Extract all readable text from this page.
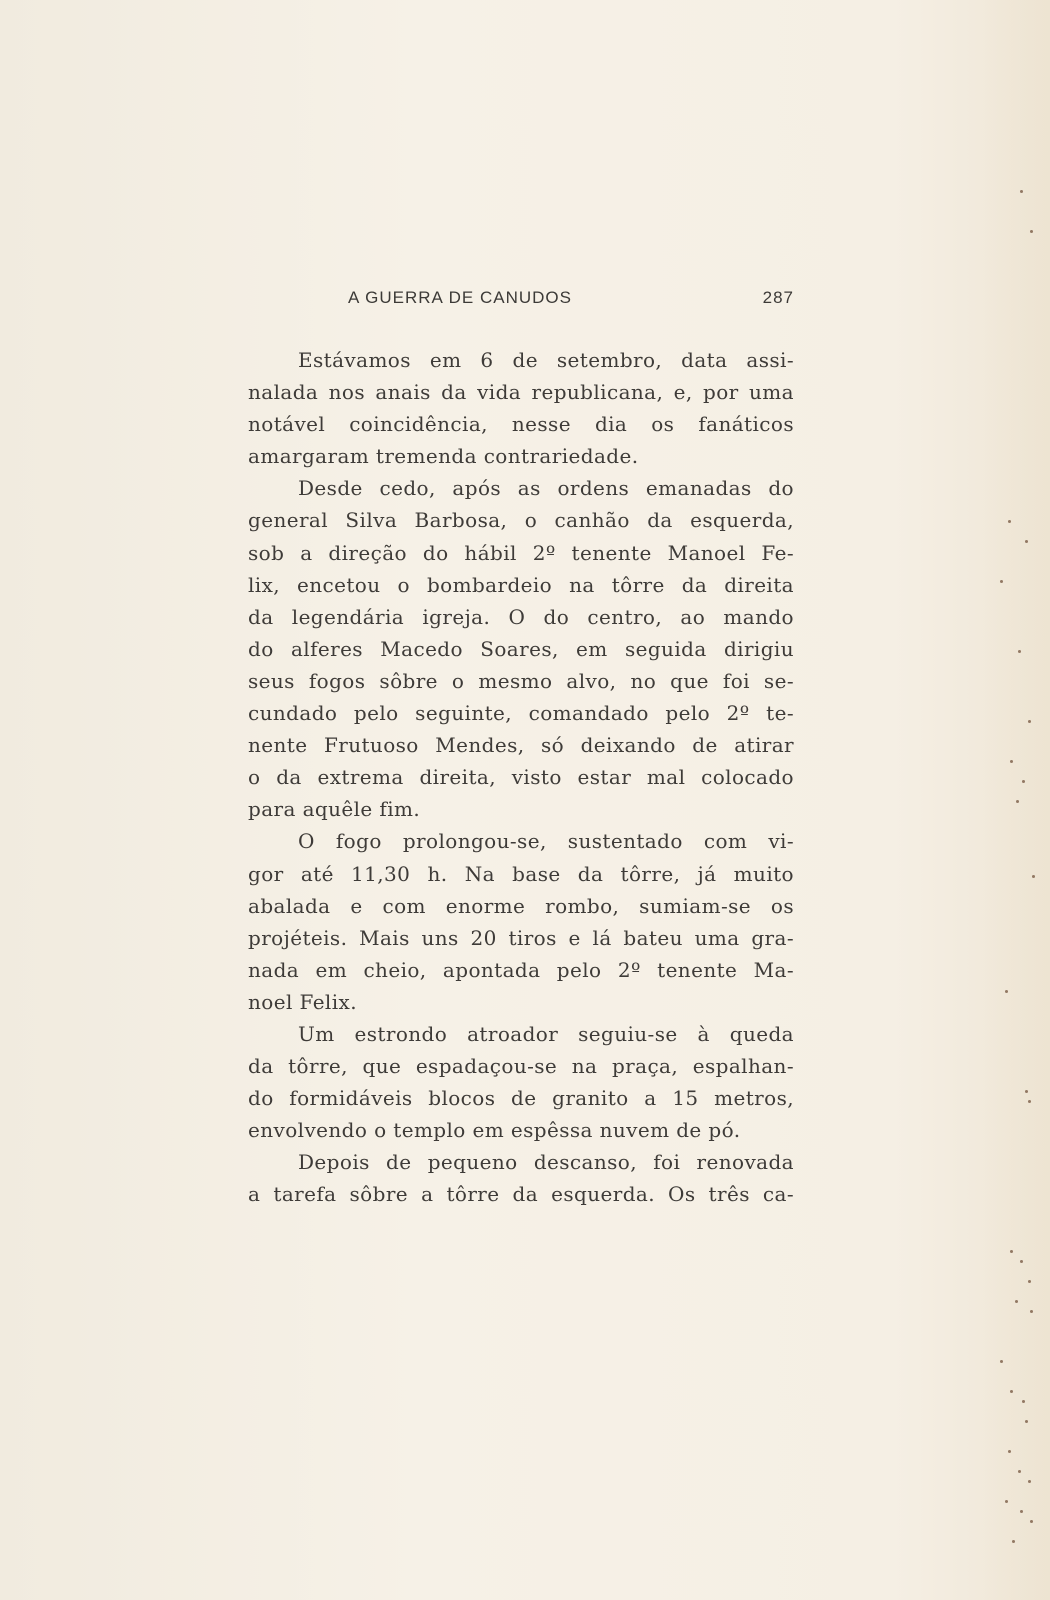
A GUERRA DE CANUDOS	287
Estávamos em 6 de setembro, data assi-
nalada nos anais da vida republicana, e, por uma
notável coincidência, nesse dia os fanáticos
amargaram tremenda contrariedade.
Desde cedo, após as ordens emanadas do
general Silva Barbosa, o canhão da esquerda,
sob a direção do hábil 2º tenente Manoel Fe-
lix, encetou o bombardeio na tôrre da direita
da legendária igreja. O do centro, ao mando
do alferes Macedo Soares, em seguida dirigiu
seus fogos sôbre o mesmo alvo, no que foi se-
cundado pelo seguinte, comandado pelo 2º te-
nente Frutuoso Mendes, só deixando de atirar
o da extrema direita, visto estar mal colocado
para aquêle fim.
O fogo prolongou-se, sustentado com vi-
gor até 11,30 h. Na base da tôrre, já muito
abalada e com enorme rombo, sumiam-se os
projéteis. Mais uns 20 tiros e lá bateu uma gra-
nada em cheio, apontada pelo 2º tenente Ma-
noel Felix.
Um estrondo atroador seguiu-se à queda
da tôrre, que espadaçou-se na praça, espalhan-
do formidáveis blocos de granito a 15 metros,
envolvendo o templo em espêssa nuvem de pó.
Depois de pequeno descanso, foi renovada
a tarefa sôbre a tôrre da esquerda. Os três ca-
